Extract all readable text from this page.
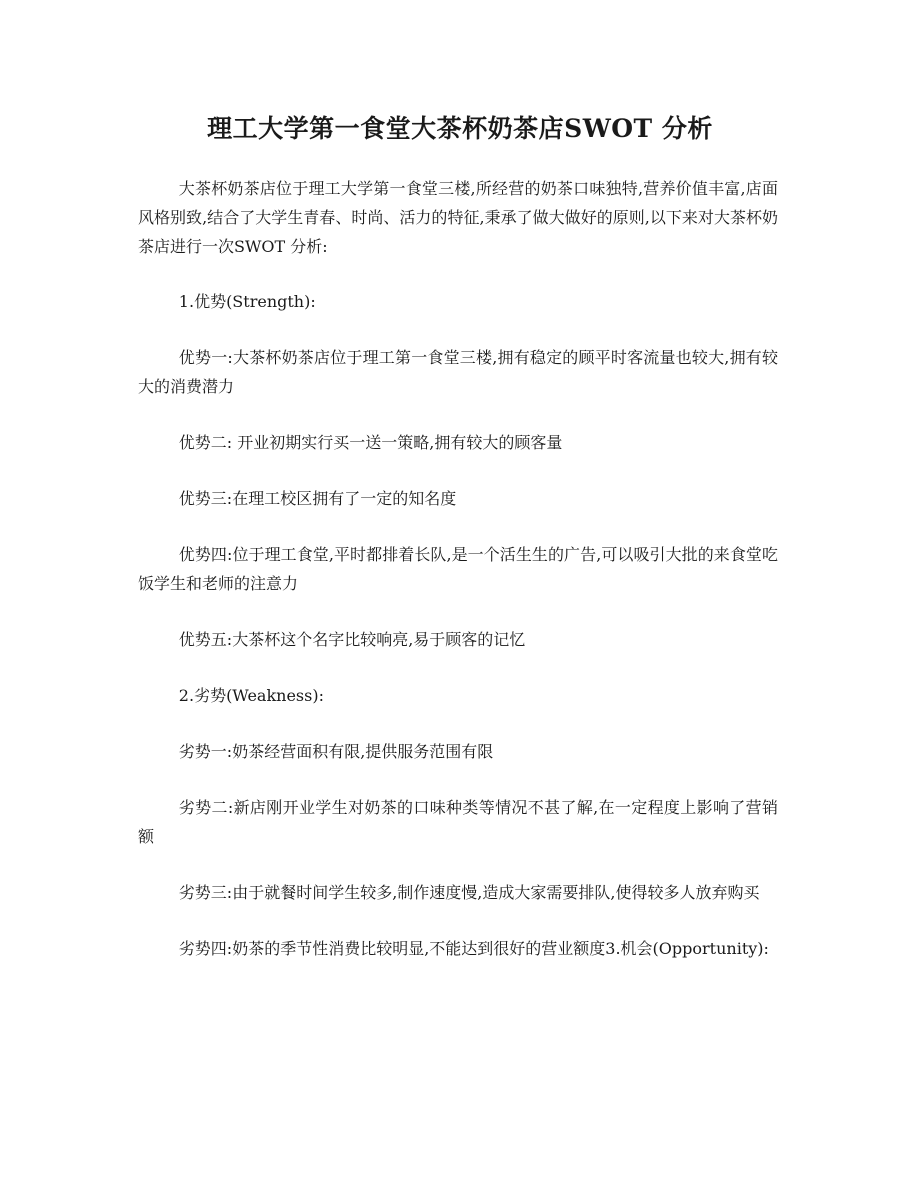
理工大学第一食堂大茶杯奶茶店SWOT 分析

大茶杯奶茶店位于理工大学第一食堂三楼,所经营的奶茶口味独特,营养价值丰富,店面风格别致,结合了大学生青春、时尚、活力的特征,秉承了做大做好的原则,以下来对大茶杯奶茶店进行一次SWOT 分析:

1.优势(Strength):

优势一:大茶杯奶茶店位于理工第一食堂三楼,拥有稳定的顾平时客流量也较大,拥有较大的消费潜力

优势二: 开业初期实行买一送一策略,拥有较大的顾客量

优势三:在理工校区拥有了一定的知名度

优势四:位于理工食堂,平时都排着长队,是一个活生生的广告,可以吸引大批的来食堂吃饭学生和老师的注意力

优势五:大茶杯这个名字比较响亮,易于顾客的记忆

2.劣势(Weakness):

劣势一:奶茶经营面积有限,提供服务范围有限

劣势二:新店刚开业学生对奶茶的口味种类等情况不甚了解,在一定程度上影响了营销额

劣势三:由于就餐时间学生较多,制作速度慢,造成大家需要排队,使得较多人放弃购买

劣势四:奶茶的季节性消费比较明显,不能达到很好的营业额度3.机会(Opportunity):
